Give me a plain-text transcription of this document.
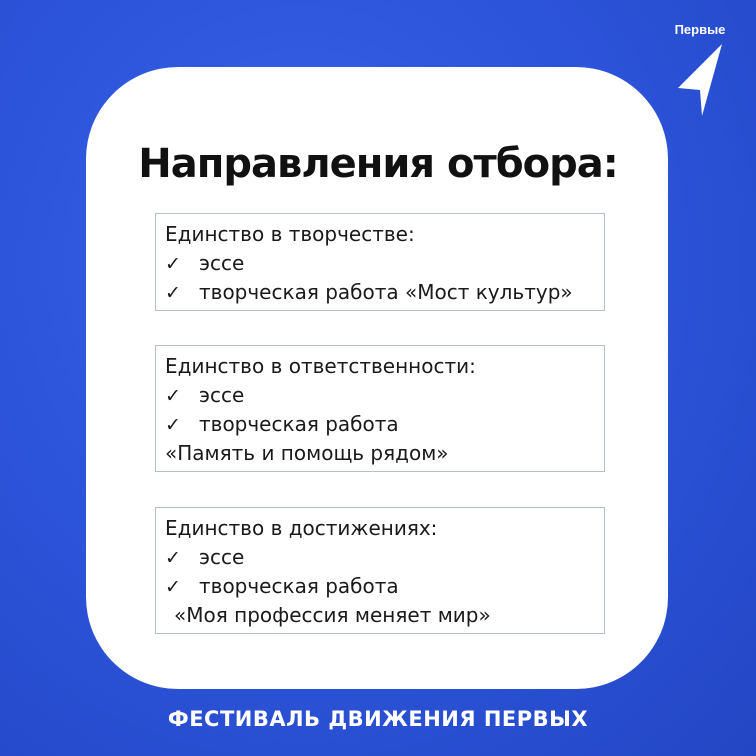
Первые
Направления отбора:
Единство в творчестве:
✓ эссе
✓ творческая работа «Мост культур»
Единство в ответственности:
✓ эссе
✓ творческая работа
«Память и помощь рядом»
Единство в достижениях:
✓ эссе
✓ творческая работа
«Моя профессия меняет мир»
ФЕСТИВАЛЬ ДВИЖЕНИЯ ПЕРВЫХ
